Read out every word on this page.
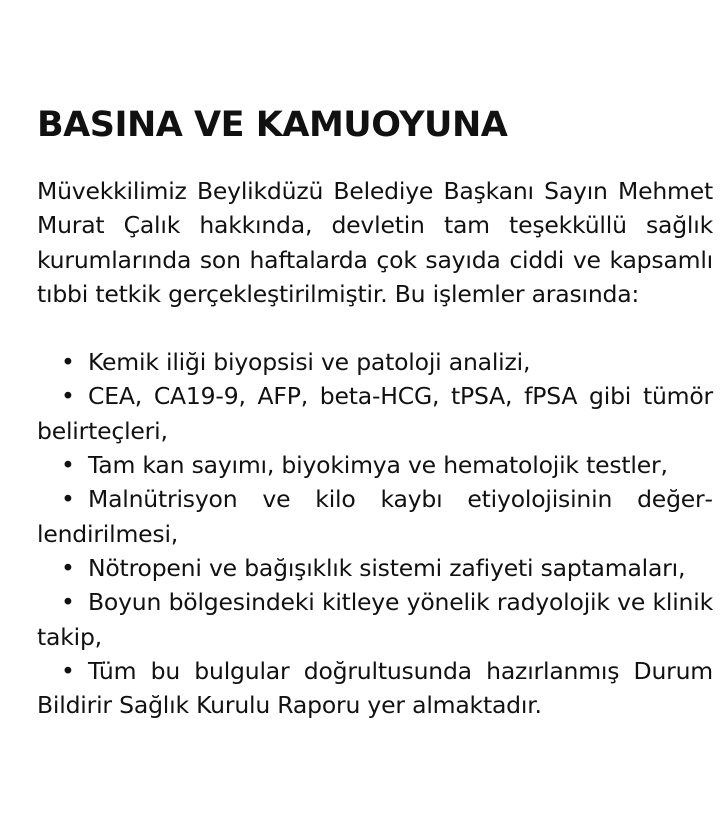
BASINA VE KAMUOYUNA

Müvekkilimiz Beylikdüzü Belediye Başkanı Sayın Mehmet Murat Çalık hakkında, devletin tam teşekküllü sağlık kurumlarında son haftalarda çok sayıda ciddi ve kapsamlı tıbbi tetkik gerçekleştirilmiştir. Bu işlemler arasında:

• Kemik iliği biyopsisi ve patoloji analizi,
• CEA, CA19-9, AFP, beta-HCG, tPSA, fPSA gibi tümör belirteçleri,
• Tam kan sayımı, biyokimya ve hematolojik testler,
• Malnütrisyon ve kilo kaybı etiyolojisinin değerlendirilmesi,
• Nötropeni ve bağışıklık sistemi zafiyeti saptamaları,
• Boyun bölgesindeki kitleye yönelik radyolojik ve klinik takip,
• Tüm bu bulgular doğrultusunda hazırlanmış Durum Bildirir Sağlık Kurulu Raporu yer almaktadır.
